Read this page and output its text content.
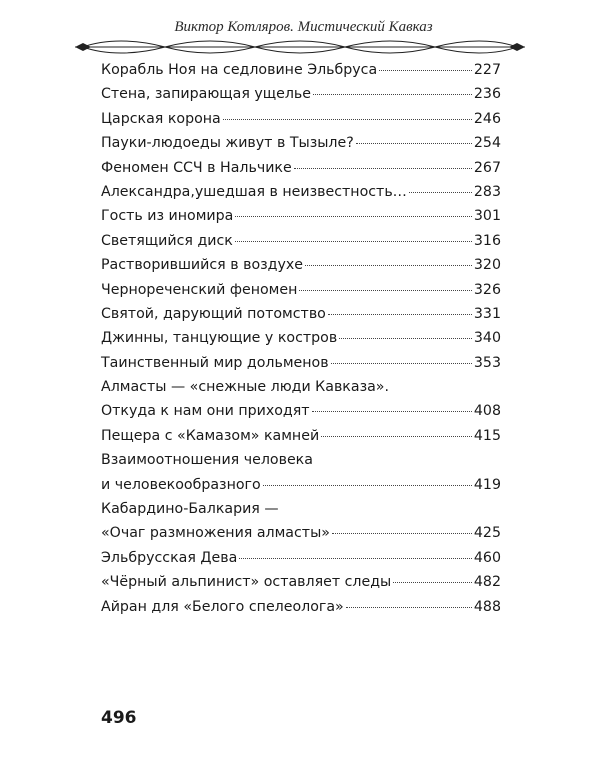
Виктор Котляров. Мистический Кавказ
Корабль Ноя на седловине Эльбруса	227
Стена, запирающая ущелье	236
Царская корона	246
Пауки-людоеды живут в Тызыле?	254
Феномен ССЧ в Нальчике	267
Александра,ушедшая в неизвестность…	283
Гость из иномира	301
Светящийся диск	316
Растворившийся в воздухе	320
Чернореченский феномен	326
Святой, дарующий потомство	331
Джинны, танцующие у костров	340
Таинственный мир дольменов	353
Алмасты — «снежные люди Кавказа».
Откуда к нам они приходят	408
Пещера с «Камазом» камней	415
Взаимоотношения человека
и человекообразного	419
Кабардино-Балкария —
«Очаг размножения алмасты»	425
Эльбрусская Дева	460
«Чёрный альпинист» оставляет следы	482
Айран для «Белого спелеолога»	488
496
